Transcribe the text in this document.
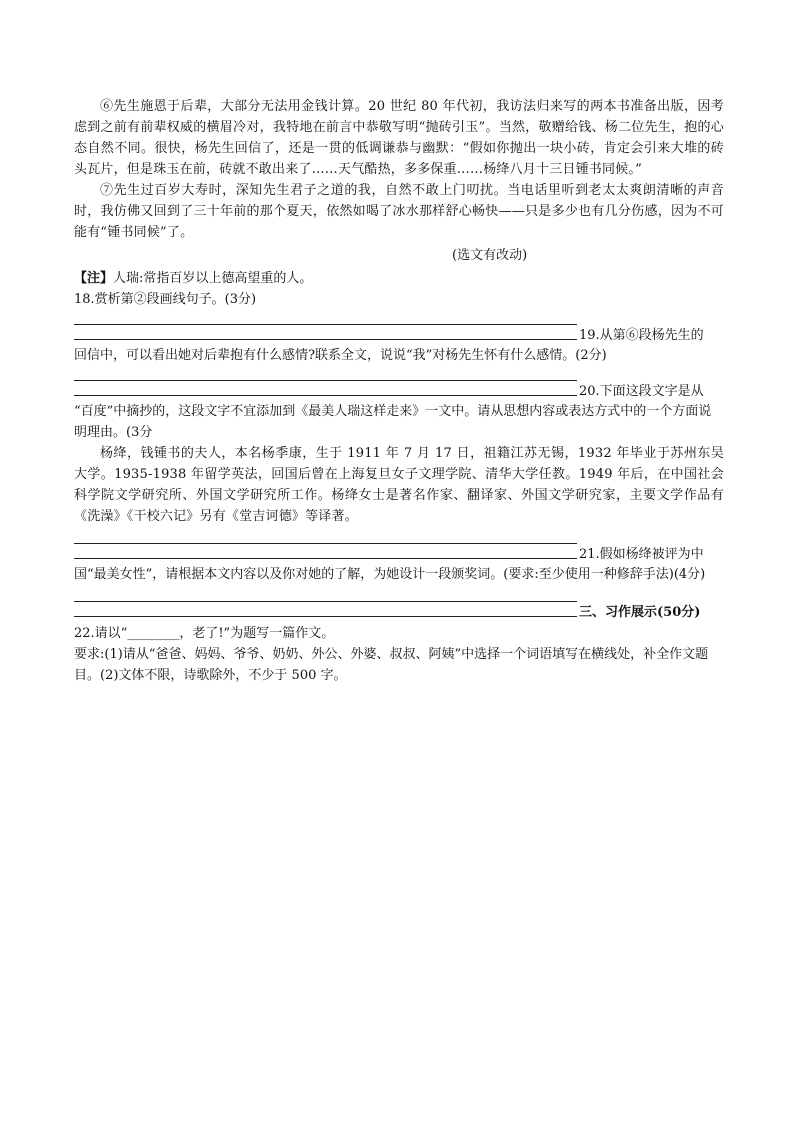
⑥先生施恩于后辈，大部分无法用金钱计算。20 世纪 80 年代初，我访法归来写的两本书准备出版，因考虑到之前有前辈权威的横眉冷对，我特地在前言中恭敬写明“抛砖引玉”。当然，敬赠给钱、杨二位先生，抱的心态自然不同。很快，杨先生回信了，还是一贯的低调谦恭与幽默：“假如你抛出一块小砖，肯定会引来大堆的砖头瓦片，但是珠玉在前，砖就不敢出来了……天气酷热，多多保重……杨绛八月十三日锺书同候。”

⑦先生过百岁大寿时，深知先生君子之道的我，自然不敢上门叨扰。当电话里听到老太太爽朗清晰的声音时，我仿佛又回到了三十年前的那个夏天，依然如喝了冰水那样舒心畅快——只是多少也有几分伤感，因为不可能有“锺书同候”了。

(选文有改动)

【注】人瑞:常指百岁以上德高望重的人。

18.赏析第②段画线句子。(3分)

19.从第⑥段杨先生的

回信中，可以看出她对后辈抱有什么感情?联系全文，说说“我”对杨先生怀有什么感情。(2分)

20.下面这段文字是从

“百度”中摘抄的，这段文字不宜添加到《最美人瑞这样走来》一文中。请从思想内容或表达方式中的一个方面说明理由。(3分

杨绛，钱锺书的夫人，本名杨季康，生于 1911 年 7 月 17 日，祖籍江苏无锡，1932 年毕业于苏州东吴大学。1935-1938 年留学英法，回国后曾在上海复旦女子文理学院、清华大学任教。1949 年后，在中国社会科学院文学研究所、外国文学研究所工作。杨绛女士是著名作家、翻译家、外国文学研究家，主要文学作品有《洗澡》《干校六记》另有《堂吉诃德》等译著。

21.假如杨绛被评为中

国“最美女性”，请根据本文内容以及你对她的了解，为她设计一段颁奖词。(要求:至少使用一种修辞手法)(4分)

三、习作展示(50分)

22.请以“________，老了!”为题写一篇作文。

要求:(1)请从“爸爸、妈妈、爷爷、奶奶、外公、外婆、叔叔、阿姨”中选择一个词语填写在横线处，补全作文题目。(2)文体不限，诗歌除外，不少于 500 字。
